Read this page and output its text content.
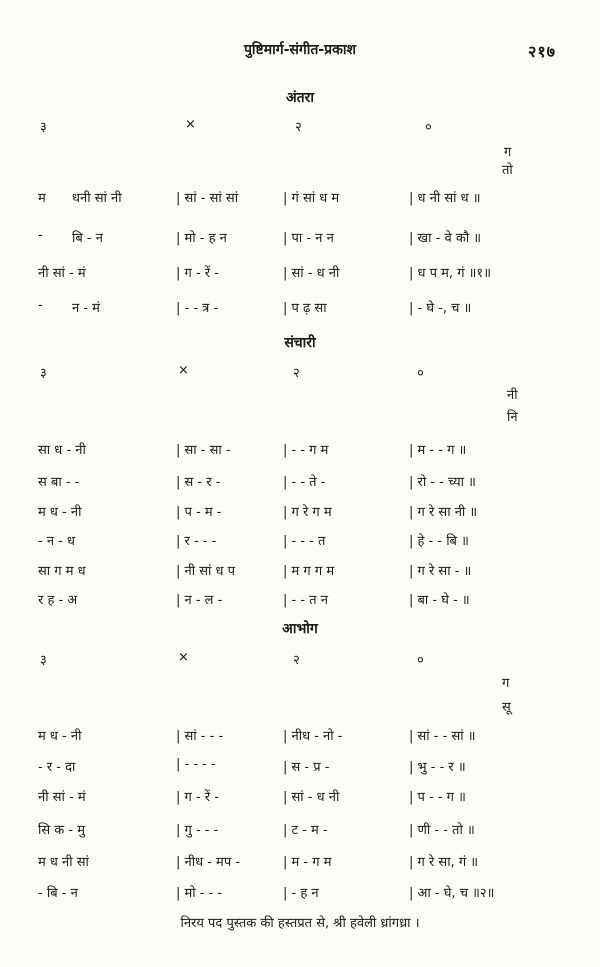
पुष्टिमार्ग-संगीत-प्रकाश	२१७
अंतरा
३	×	२	०
ग
तो
म धनी सां नी	| सां - सां सां	| गं सां ध म	| ध नी सां ध ॥
- बि - न	| मो - ह न	| पा - न न	| खा - वे कौ ॥
नी सां - मं	| ग - रें -	| सां - ध नी	| ध प म, गं ॥१॥
- न - मं	| - - त्र -	| प ढ़ सा	| - घे -, च ॥
संचारी
३	×	२	०
नी
नि
सा ध - नी	| सा - सा -	| - - ग म	| म - - ग ॥
स बा - -	| स - र -	| - - ते -	| रो - - च्या ॥
म ध - नी	| प - म -	| ग रे ग म	| ग रे सा नी ॥
- न - ध	| र - - -	| - - - त	| हे - - बि ॥
सा ग म ध	| नी सां ध प	| म ग ग म	| ग रे सा - ॥
र ह - अ	| न - ल -	| - - त न	| बा - घे - ॥
आभोग
३	×	२	०
ग
सू
म ध - नी	| सां - - -	| नीध - नो -	| सां - - सां ॥
- र - दा	| - - - -	| स - प्र -	| भु - - र ॥
नी सां - मं	| ग - रें -	| सां - ध नी	| प - - ग ॥
सि क - मु	| गु - - -	| ट - म -	| णी - - तो ॥
म ध नी सां	| नीध - मप -	| म - ग म	| ग रे सा, गं ॥
- बि - न	| मो - - -	| - ह न	| आ - घे, च ॥२॥
निरय पद पुस्तक की हस्तप्रत से, श्री हवेली ध्रांगध्रा ।
